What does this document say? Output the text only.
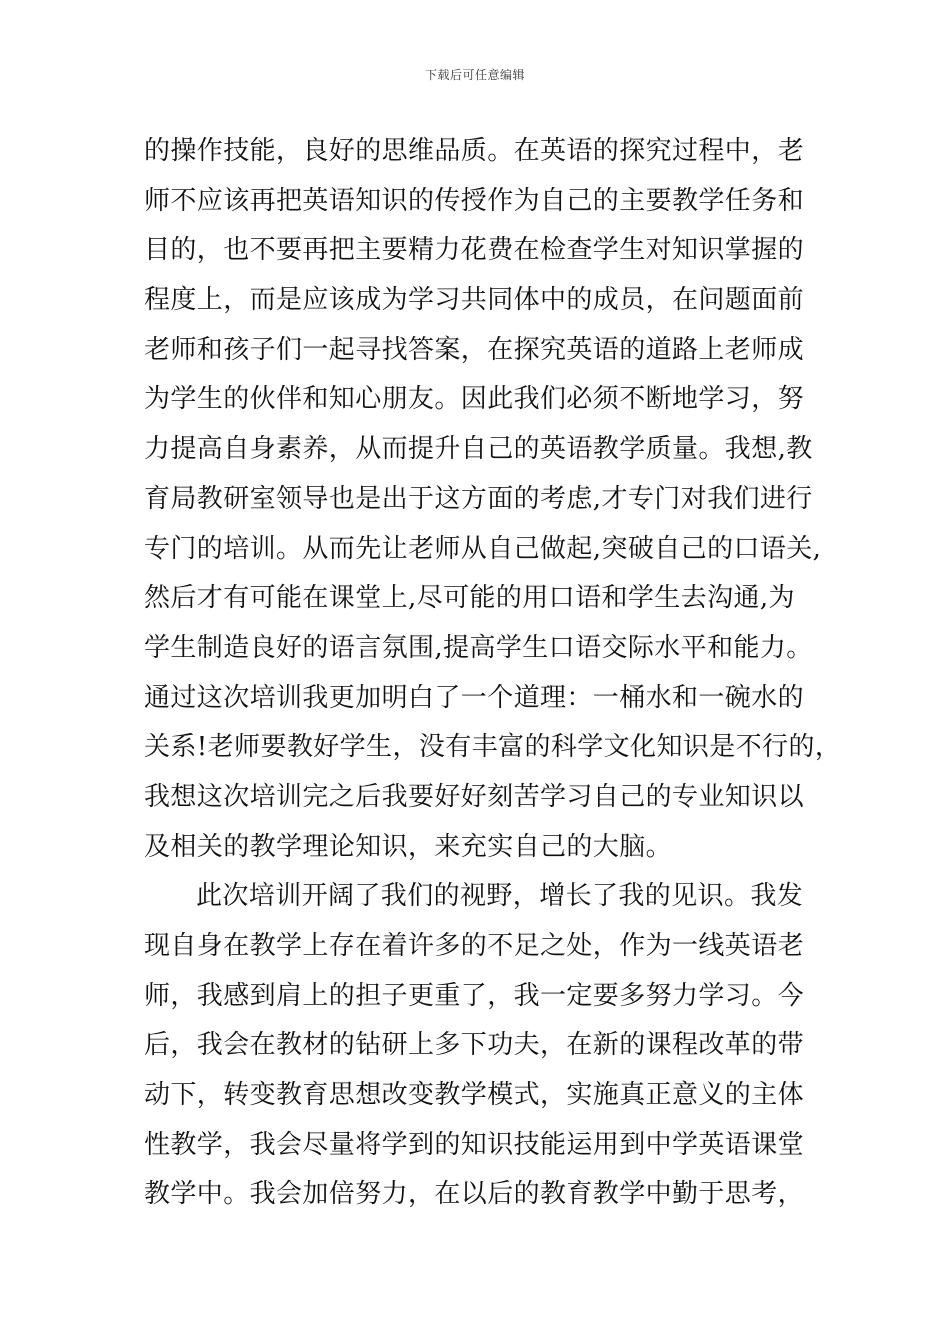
下载后可任意编辑
的操作技能，良好的思维品质。在英语的探究过程中，老
师不应该再把英语知识的传授作为自己的主要教学任务和
目的，也不要再把主要精力花费在检查学生对知识掌握的
程度上，而是应该成为学习共同体中的成员，在问题面前
老师和孩子们一起寻找答案，在探究英语的道路上老师成
为学生的伙伴和知心朋友。因此我们必须不断地学习，努
力提高自身素养，从而提升自己的英语教学质量。我想,教
育局教研室领导也是出于这方面的考虑,才专门对我们进行
专门的培训。从而先让老师从自己做起,突破自己的口语关,
然后才有可能在课堂上,尽可能的用口语和学生去沟通,为
学生制造良好的语言氛围,提高学生口语交际水平和能力。
通过这次培训我更加明白了一个道理：一桶水和一碗水的
关系!老师要教好学生，没有丰富的科学文化知识是不行的，
我想这次培训完之后我要好好刻苦学习自己的专业知识以
及相关的教学理论知识，来充实自己的大脑。
此次培训开阔了我们的视野，增长了我的见识。我发
现自身在教学上存在着许多的不足之处，作为一线英语老
师，我感到肩上的担子更重了，我一定要多努力学习。今
后，我会在教材的钻研上多下功夫，在新的课程改革的带
动下，转变教育思想改变教学模式，实施真正意义的主体
性教学，我会尽量将学到的知识技能运用到中学英语课堂
教学中。我会加倍努力，在以后的教育教学中勤于思考，
